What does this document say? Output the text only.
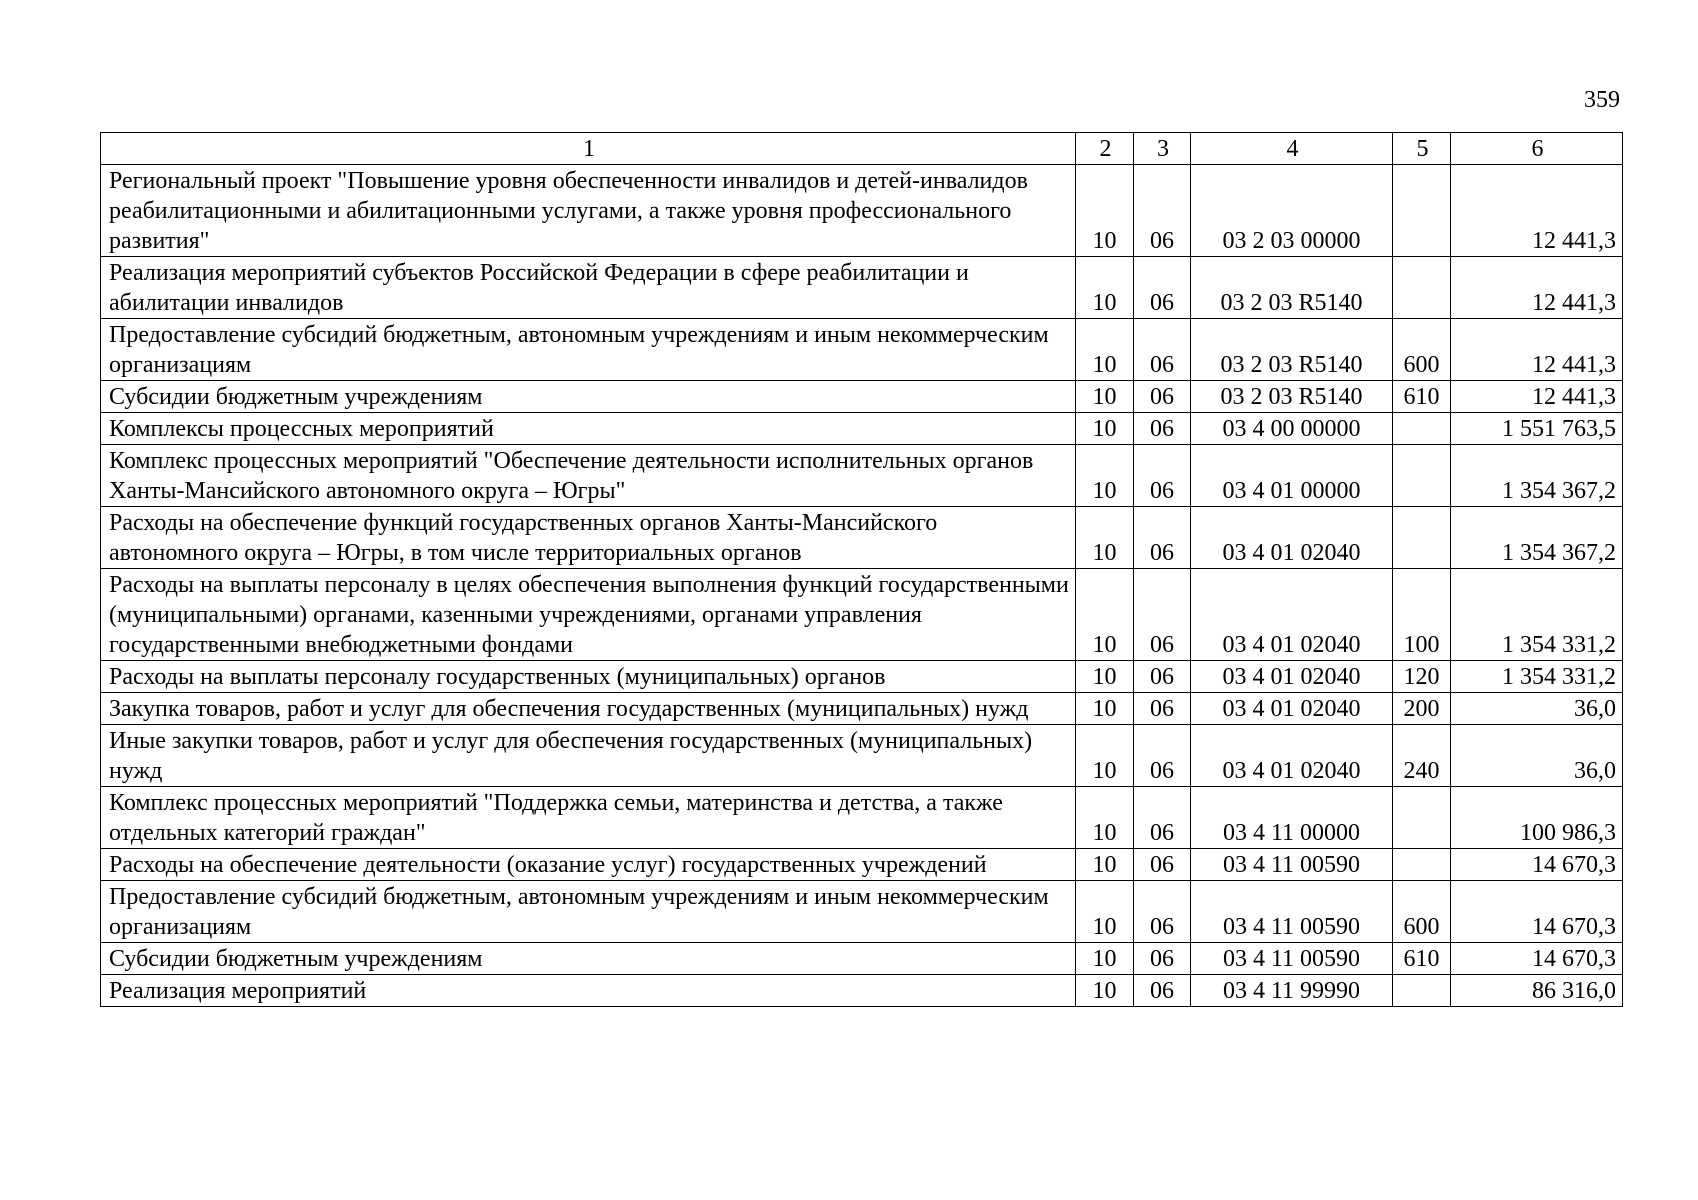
359
1	2	3	4	5	6
Региональный проект "Повышение уровня обеспеченности инвалидов и детей-инвалидов реабилитационными и абилитационными услугами, а также уровня профессионального развития"	10	06	03 2 03 00000		12 441,3
Реализация мероприятий субъектов Российской Федерации в сфере реабилитации и абилитации инвалидов	10	06	03 2 03 R5140		12 441,3
Предоставление субсидий бюджетным, автономным учреждениям и иным некоммерческим организациям	10	06	03 2 03 R5140	600	12 441,3
Субсидии бюджетным учреждениям	10	06	03 2 03 R5140	610	12 441,3
Комплексы процессных мероприятий	10	06	03 4 00 00000		1 551 763,5
Комплекс процессных мероприятий "Обеспечение деятельности исполнительных органов Ханты-Мансийского автономного округа – Югры"	10	06	03 4 01 00000		1 354 367,2
Расходы на обеспечение функций государственных органов Ханты-Мансийского автономного округа – Югры, в том числе территориальных органов	10	06	03 4 01 02040		1 354 367,2
Расходы на выплаты персоналу в целях обеспечения выполнения функций государственными (муниципальными) органами, казенными учреждениями, органами управления государственными внебюджетными фондами	10	06	03 4 01 02040	100	1 354 331,2
Расходы на выплаты персоналу государственных (муниципальных) органов	10	06	03 4 01 02040	120	1 354 331,2
Закупка товаров, работ и услуг для обеспечения государственных (муниципальных) нужд	10	06	03 4 01 02040	200	36,0
Иные закупки товаров, работ и услуг для обеспечения государственных (муниципальных) нужд	10	06	03 4 01 02040	240	36,0
Комплекс процессных мероприятий "Поддержка семьи, материнства и детства, а также отдельных категорий граждан"	10	06	03 4 11 00000		100 986,3
Расходы на обеспечение деятельности (оказание услуг) государственных учреждений	10	06	03 4 11 00590		14 670,3
Предоставление субсидий бюджетным, автономным учреждениям и иным некоммерческим организациям	10	06	03 4 11 00590	600	14 670,3
Субсидии бюджетным учреждениям	10	06	03 4 11 00590	610	14 670,3
Реализация мероприятий	10	06	03 4 11 99990		86 316,0
